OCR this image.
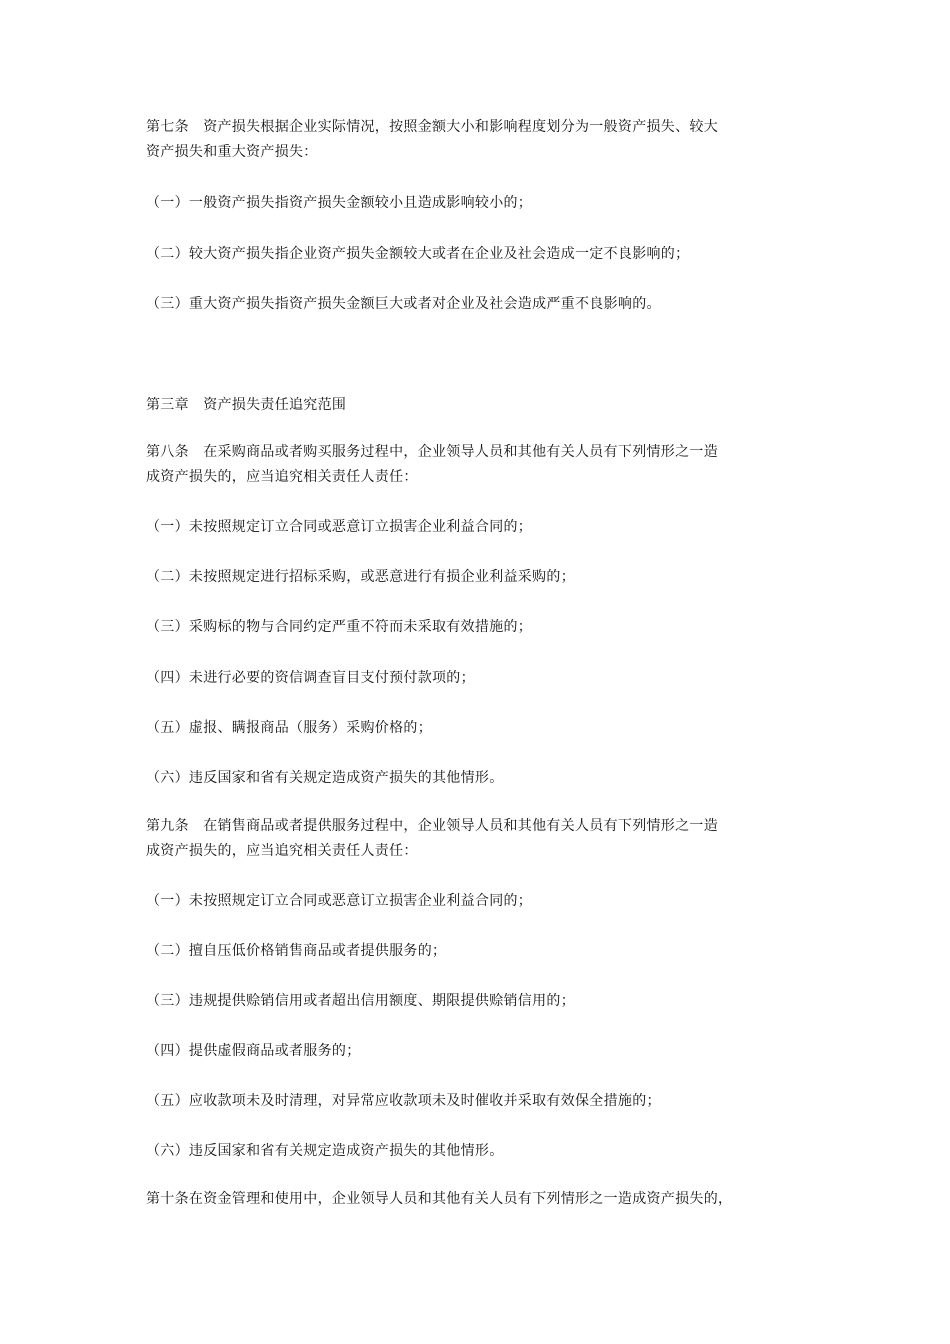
第七条　资产损失根据企业实际情况，按照金额大小和影响程度划分为一般资产损失、较大
资产损失和重大资产损失：
（一）一般资产损失指资产损失金额较小且造成影响较小的；
（二）较大资产损失指企业资产损失金额较大或者在企业及社会造成一定不良影响的；
（三）重大资产损失指资产损失金额巨大或者对企业及社会造成严重不良影响的。
第三章　资产损失责任追究范围
第八条　在采购商品或者购买服务过程中，企业领导人员和其他有关人员有下列情形之一造
成资产损失的，应当追究相关责任人责任：
（一）未按照规定订立合同或恶意订立损害企业利益合同的；
（二）未按照规定进行招标采购，或恶意进行有损企业利益采购的；
（三）采购标的物与合同约定严重不符而未采取有效措施的；
（四）未进行必要的资信调查盲目支付预付款项的；
（五）虚报、瞒报商品（服务）采购价格的；
（六）违反国家和省有关规定造成资产损失的其他情形。
第九条　在销售商品或者提供服务过程中，企业领导人员和其他有关人员有下列情形之一造
成资产损失的，应当追究相关责任人责任：
（一）未按照规定订立合同或恶意订立损害企业利益合同的；
（二）擅自压低价格销售商品或者提供服务的；
（三）违规提供赊销信用或者超出信用额度、期限提供赊销信用的；
（四）提供虚假商品或者服务的；
（五）应收款项未及时清理，对异常应收款项未及时催收并采取有效保全措施的；
（六）违反国家和省有关规定造成资产损失的其他情形。
第十条在资金管理和使用中，企业领导人员和其他有关人员有下列情形之一造成资产损失的，
